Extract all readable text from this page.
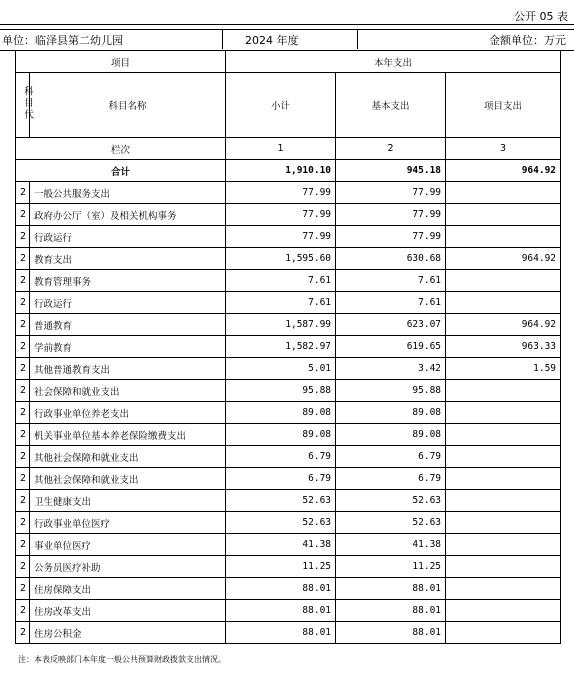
公开 05 表
单位：临泽县第二幼儿园	2024 年度	金额单位：万元
项目		本年支出		
科目代	科目名称	小计	基本支出	项目支出
栏次		1	2	3
合计		1,910.10	945.18	964.92
2	一般公共服务支出	77.99	77.99	
2	政府办公厅（室）及相关机构事务	77.99	77.99	
2	行政运行	77.99	77.99	
2	教育支出	1,595.60	630.68	964.92
2	教育管理事务	7.61	7.61	
2	行政运行	7.61	7.61	
2	普通教育	1,587.99	623.07	964.92
2	学前教育	1,582.97	619.65	963.33
2	其他普通教育支出	5.01	3.42	1.59
2	社会保障和就业支出	95.88	95.88	
2	行政事业单位养老支出	89.08	89.08	
2	机关事业单位基本养老保险缴费支出	89.08	89.08	
2	其他社会保障和就业支出	6.79	6.79	
2	其他社会保障和就业支出	6.79	6.79	
2	卫生健康支出	52.63	52.63	
2	行政事业单位医疗	52.63	52.63	
2	事业单位医疗	41.38	41.38	
2	公务员医疗补助	11.25	11.25	
2	住房保障支出	88.01	88.01	
2	住房改革支出	88.01	88.01	
2	住房公积金	88.01	88.01	
注：本表反映部门本年度一般公共预算财政拨款支出情况。
